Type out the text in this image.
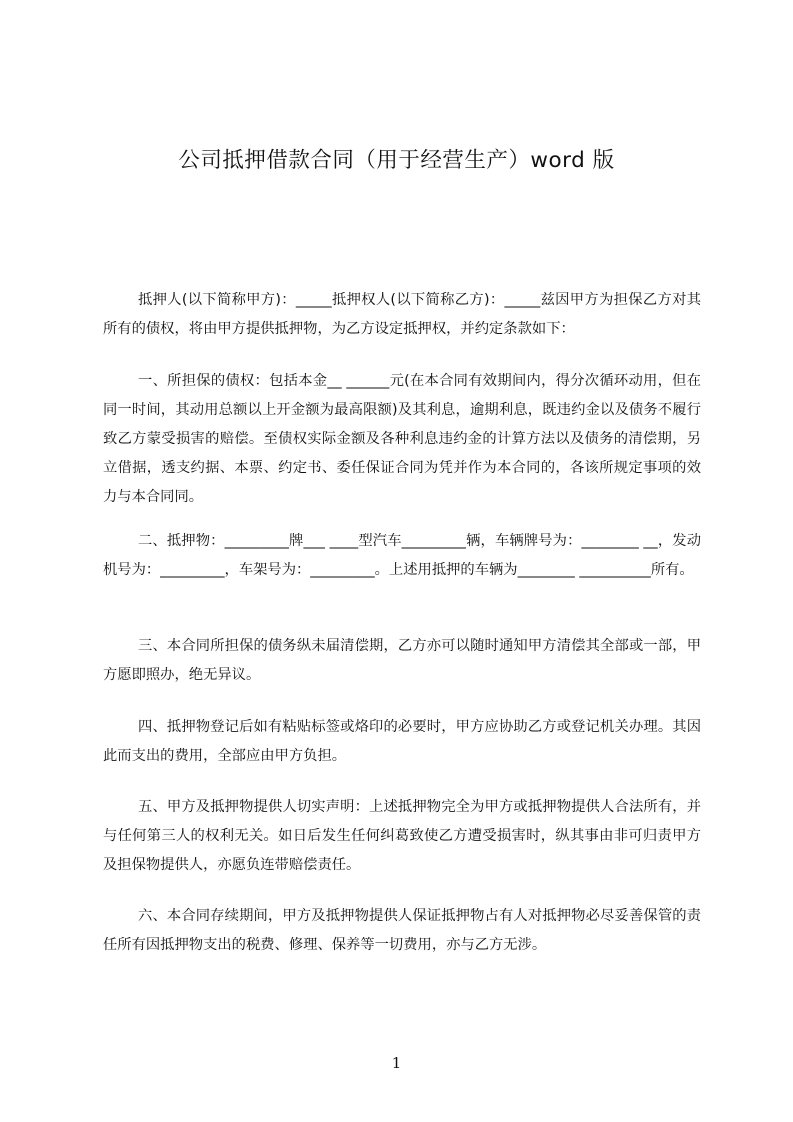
公司抵押借款合同（用于经营生产）word 版

抵押人(以下简称甲方)：_____抵押权人(以下简称乙方)：_____兹因甲方为担保乙方对其所有的债权，将由甲方提供抵押物，为乙方设定抵押权，并约定条款如下：

一、所担保的债权：包括本金__ ______元(在本合同有效期间内，得分次循环动用，但在同一时间，其动用总额以上开金额为最高限额)及其利息，逾期利息，既违约金以及债务不履行致乙方蒙受损害的赔偿。至债权实际金额及各种利息违约金的计算方法以及债务的清偿期，另立借据，透支约据、本票、约定书、委任保证合同为凭并作为本合同的，各该所规定事项的效力与本合同同。

二、抵押物：_________牌___ ____型汽车_________辆，车辆牌号为：________ __，发动机号为：_________，车架号为：_________。上述用抵押的车辆为________ __________所有。

三、本合同所担保的债务纵未届清偿期，乙方亦可以随时通知甲方清偿其全部或一部，甲方愿即照办，绝无异议。

四、抵押物登记后如有粘贴标签或烙印的必要时，甲方应协助乙方或登记机关办理。其因此而支出的费用，全部应由甲方负担。

五、甲方及抵押物提供人切实声明：上述抵押物完全为甲方或抵押物提供人合法所有，并与任何第三人的权利无关。如日后发生任何纠葛致使乙方遭受损害时，纵其事由非可归责甲方及担保物提供人，亦愿负连带赔偿责任。

六、本合同存续期间，甲方及抵押物提供人保证抵押物占有人对抵押物必尽妥善保管的责任所有因抵押物支出的税费、修理、保养等一切费用，亦与乙方无涉。

1
